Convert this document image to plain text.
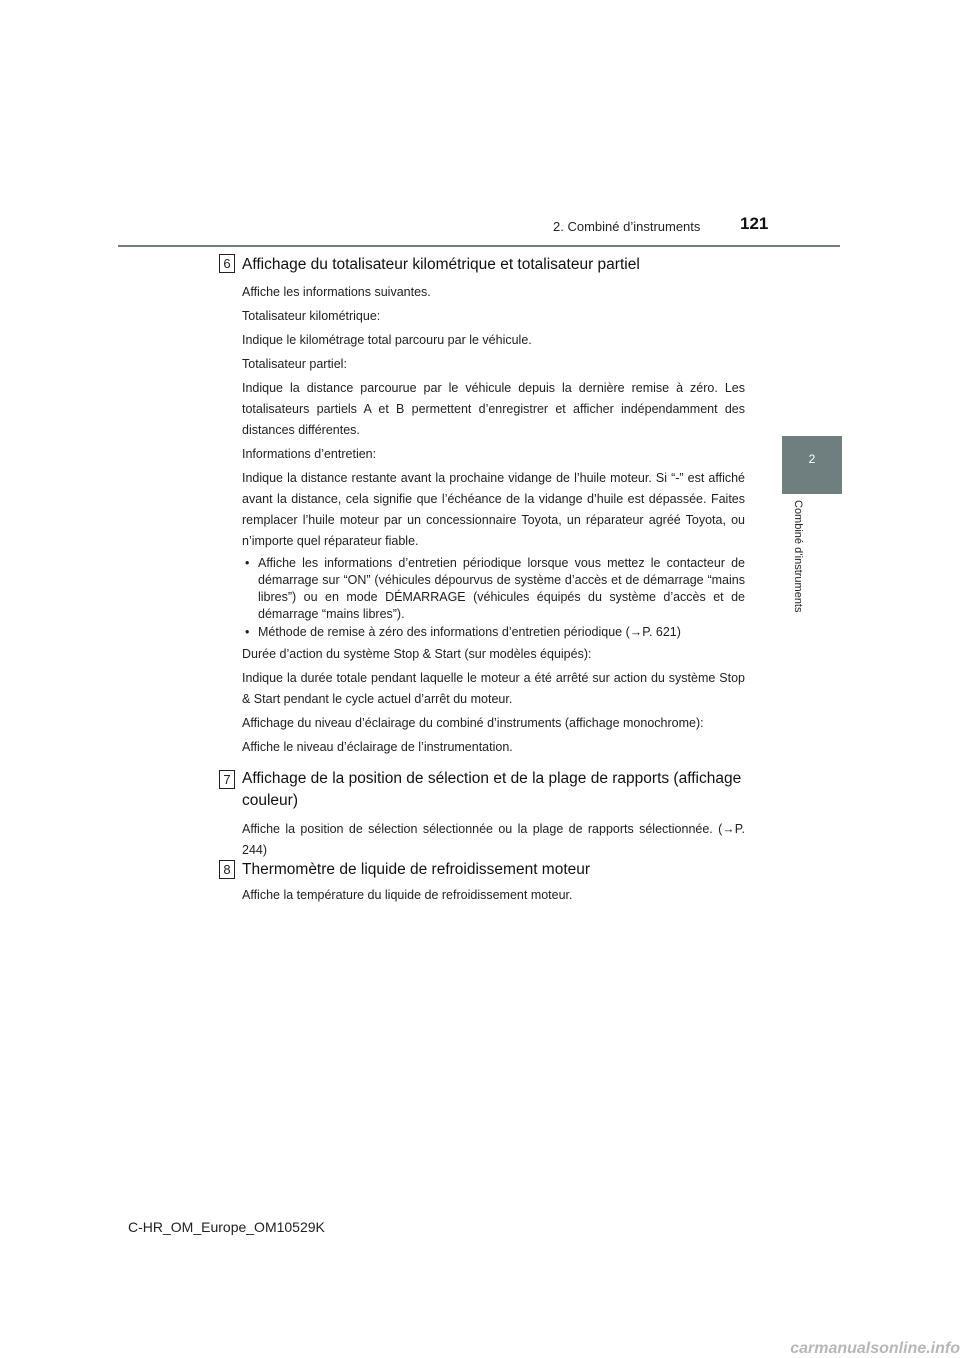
2. Combiné d’instruments 121
2
Combiné d’instruments
6 Affichage du totalisateur kilométrique et totalisateur partiel
Affiche les informations suivantes.
Totalisateur kilométrique:
Indique le kilométrage total parcouru par le véhicule.
Totalisateur partiel:
Indique la distance parcourue par le véhicule depuis la dernière remise à zéro. Les totalisateurs partiels A et B permettent d’enregistrer et afficher indépendamment des distances différentes.
Informations d’entretien:
Indique la distance restante avant la prochaine vidange de l’huile moteur. Si “-” est affiché avant la distance, cela signifie que l’échéance de la vidange d’huile est dépassée. Faites remplacer l’huile moteur par un concessionnaire Toyota, un réparateur agréé Toyota, ou n’importe quel réparateur fiable.
• Affiche les informations d’entretien périodique lorsque vous mettez le contacteur de démarrage sur “ON” (véhicules dépourvus de système d’accès et de démarrage “mains libres”) ou en mode DÉMARRAGE (véhicules équipés du système d’accès et de démarrage “mains libres”).
• Méthode de remise à zéro des informations d’entretien périodique (→P. 621)
Durée d’action du système Stop & Start (sur modèles équipés):
Indique la durée totale pendant laquelle le moteur a été arrêté sur action du système Stop & Start pendant le cycle actuel d’arrêt du moteur.
Affichage du niveau d’éclairage du combiné d’instruments (affichage monochrome):
Affiche le niveau d’éclairage de l’instrumentation.
7 Affichage de la position de sélection et de la plage de rapports (affichage couleur)
Affiche la position de sélection sélectionnée ou la plage de rapports sélectionnée. (→P. 244)
8 Thermomètre de liquide de refroidissement moteur
Affiche la température du liquide de refroidissement moteur.
C-HR_OM_Europe_OM10529K
carmanualsonline.info
